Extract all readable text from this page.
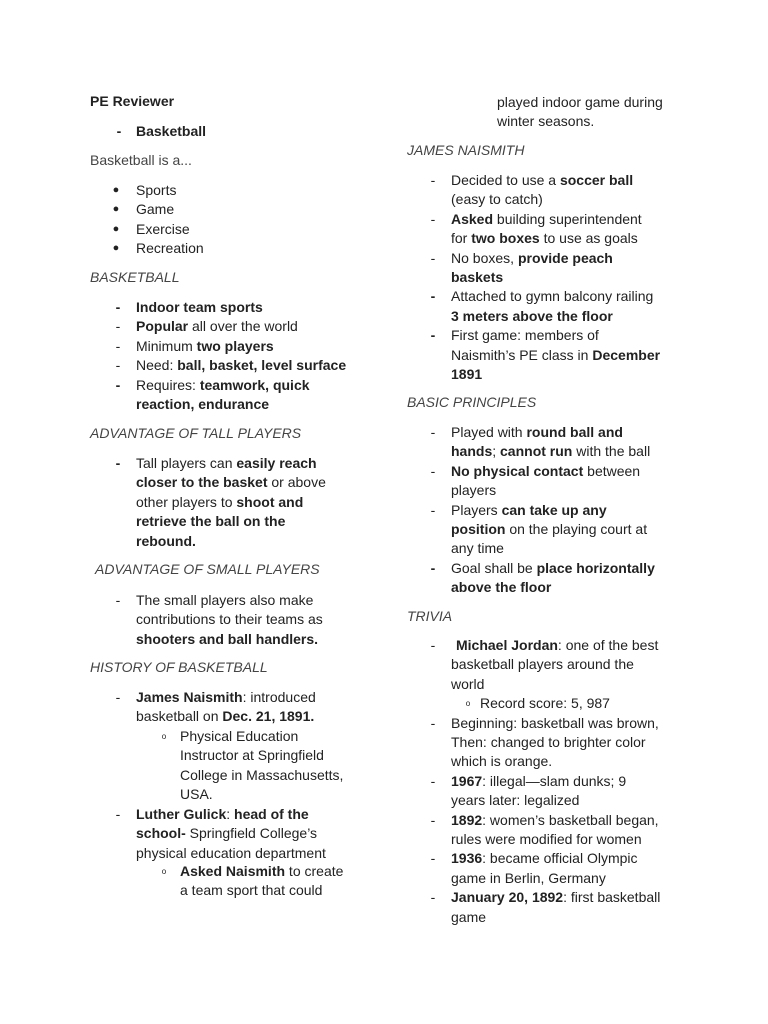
PE Reviewer
- Basketball
Basketball is a...
● Sports
● Game
● Exercise
● Recreation
BASKETBALL
- Indoor team sports
- Popular all over the world
- Minimum two players
- Need: ball, basket, level surface
- Requires: teamwork, quick
reaction, endurance
ADVANTAGE OF TALL PLAYERS
- Tall players can easily reach
closer to the basket or above
other players to shoot and
retrieve the ball on the
rebound.
ADVANTAGE OF SMALL PLAYERS
- The small players also make
contributions to their teams as
shooters and ball handlers.
HISTORY OF BASKETBALL
- James Naismith: introduced
basketball on Dec. 21, 1891.
o Physical Education
Instructor at Springfield
College in Massachusetts,
USA.
- Luther Gulick: head of the
school- Springfield College’s
physical education department
o Asked Naismith to create
a team sport that could
played indoor game during
winter seasons.
JAMES NAISMITH
- Decided to use a soccer ball
(easy to catch)
- Asked building superintendent
for two boxes to use as goals
- No boxes, provide peach
baskets
- Attached to gymn balcony railing
3 meters above the floor
- First game: members of
Naismith’s PE class in December
1891
BASIC PRINCIPLES
- Played with round ball and
hands; cannot run with the ball
- No physical contact between
players
- Players can take up any
position on the playing court at
any time
- Goal shall be place horizontally
above the floor
TRIVIA
- Michael Jordan: one of the best
basketball players around the
world
o Record score: 5, 987
- Beginning: basketball was brown,
Then: changed to brighter color
which is orange.
- 1967: illegal—slam dunks; 9
years later: legalized
- 1892: women’s basketball began,
rules were modified for women
- 1936: became official Olympic
game in Berlin, Germany
- January 20, 1892: first basketball
game
